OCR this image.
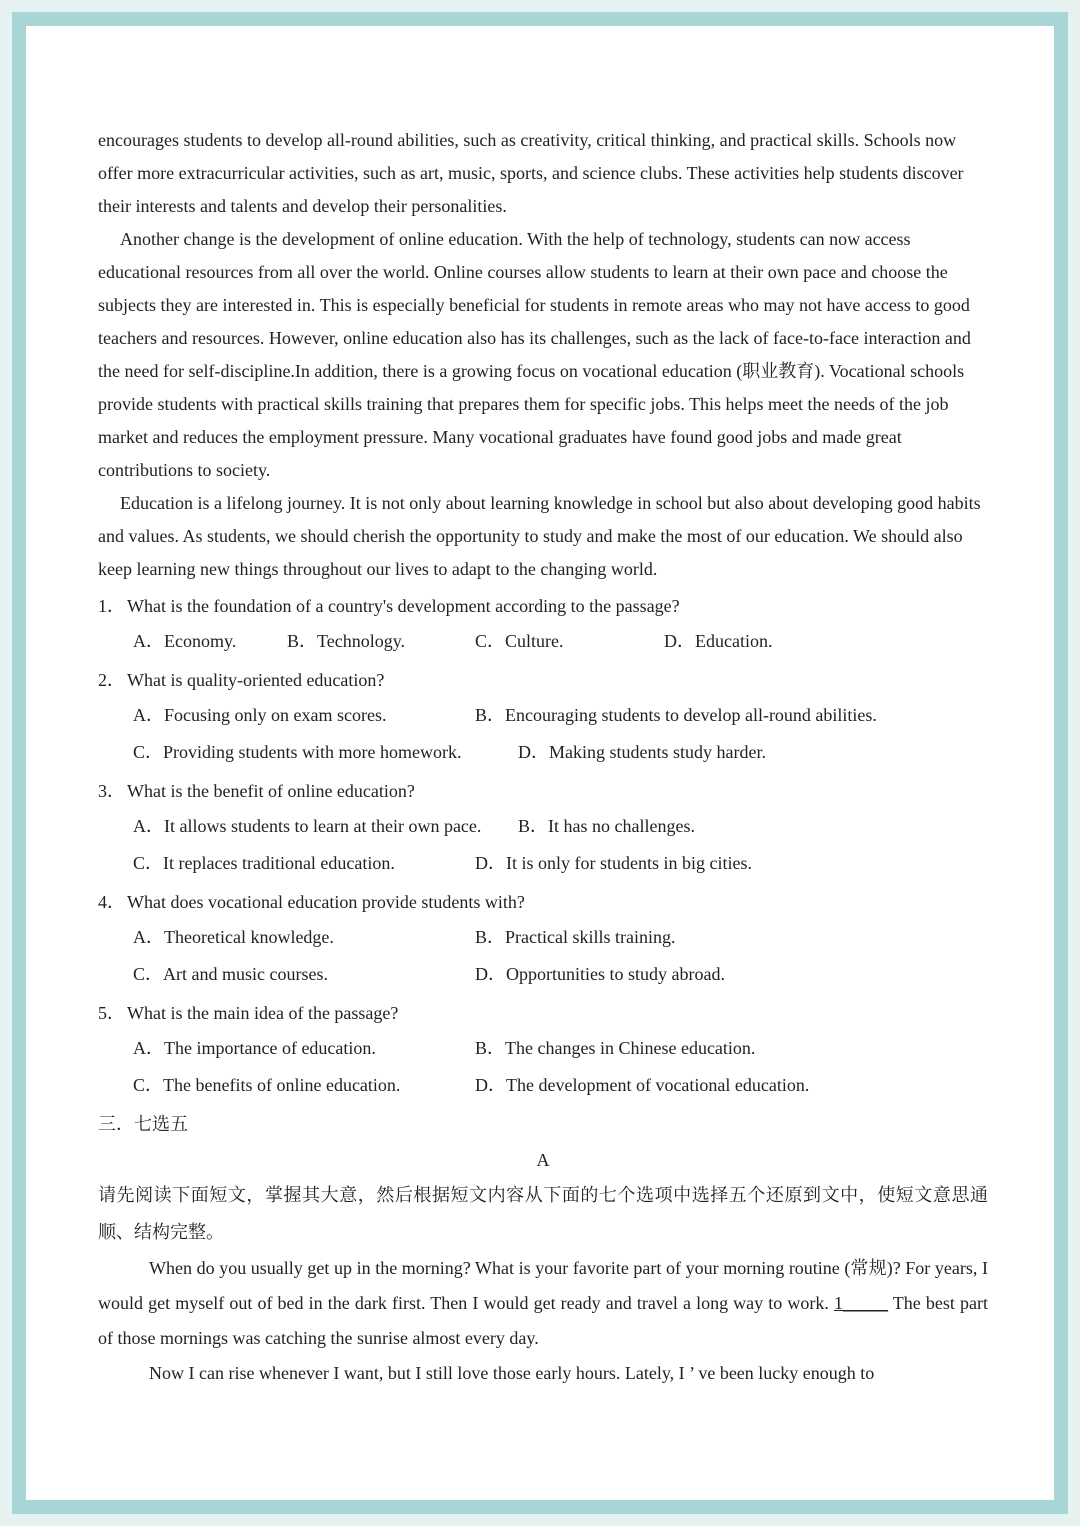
encourages students to develop all-round abilities, such as creativity, critical thinking, and practical skills. Schools now offer more extracurricular activities, such as art, music, sports, and science clubs. These activities help students discover their interests and talents and develop their personalities.

Another change is the development of online education. With the help of technology, students can now access educational resources from all over the world. Online courses allow students to learn at their own pace and choose the subjects they are interested in. This is especially beneficial for students in remote areas who may not have access to good teachers and resources. However, online education also has its challenges, such as the lack of face-to-face interaction and the need for self-discipline.In addition, there is a growing focus on vocational education (职业教育). Vocational schools provide students with practical skills training that prepares them for specific jobs. This helps meet the needs of the job market and reduces the employment pressure. Many vocational graduates have found good jobs and made great contributions to society.

Education is a lifelong journey. It is not only about learning knowledge in school but also about developing good habits and values. As students, we should cherish the opportunity to study and make the most of our education. We should also keep learning new things throughout our lives to adapt to the changing world.

1． What is the foundation of a country's development according to the passage?
A．Economy.	B．Technology.	C．Culture.	D．Education.
2． What is quality-oriented education?
A．Focusing only on exam scores.	B．Encouraging students to develop all-round abilities.
C．Providing students with more homework.	D．Making students study harder.
3． What is the benefit of online education?
A．It allows students to learn at their own pace.	B．It has no challenges.
C．It replaces traditional education.	D．It is only for students in big cities.
4． What does vocational education provide students with?
A．Theoretical knowledge.	B．Practical skills training.
C．Art and music courses.	D．Opportunities to study abroad.
5． What is the main idea of the passage?
A．The importance of education.	B．The changes in Chinese education.
C．The benefits of online education.	D．The development of vocational education.
三．七选五
A

请先阅读下面短文，掌握其大意，然后根据短文内容从下面的七个选项中选择五个还原到文中，使短文意思通顺、结构完整。

When do you usually get up in the morning? What is your favorite part of your morning routine (常规)? For years, I would get myself out of bed in the dark first. Then I would get ready and travel a long way to work. 1_____ The best part of those mornings was catching the sunrise almost every day.

Now I can rise whenever I want, but I still love those early hours. Lately, I ’ ve been lucky enough to
